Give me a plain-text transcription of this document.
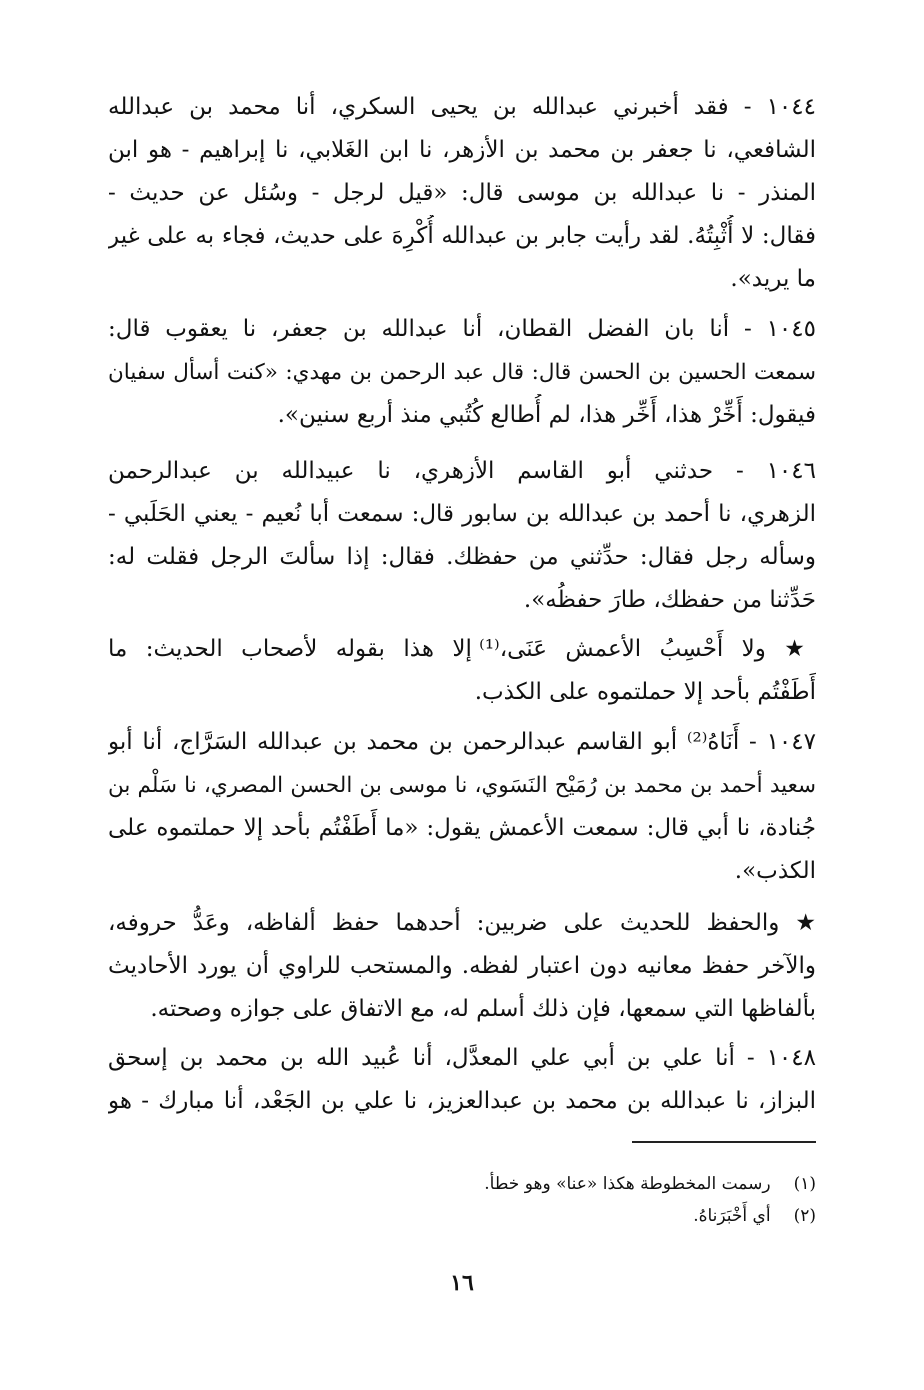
١٠٤٤ - فقد أخبرني عبدالله بن يحيى السكري، أنا محمد بن عبدالله
الشافعي، نا جعفر بن محمد بن الأزهر، نا ابن الغَلابي، نا إبراهيم - هو ابن
المنذر - نا عبدالله بن موسى قال: «قيل لرجل - وسُئل عن حديث -
فقال: لا أُثْبِتُهُ. لقد رأيت جابر بن عبدالله أُكْرِهَ على حديث، فجاء به على غير
ما يريد».
١٠٤٥ - أنا بان الفضل القطان، أنا عبدالله بن جعفر، نا يعقوب قال:
سمعت الحسين بن الحسن قال: قال عبد الرحمن بن مهدي: «كنت أسأل سفيان
فيقول: أَخِّرْ هذا، أَخِّر هذا، لم أُطالع كُتُبي منذ أربع سنين».
١٠٤٦ - حدثني أبو القاسم الأزهري، نا عبيدالله بن عبدالرحمن
الزهري، نا أحمد بن عبدالله بن سابور قال: سمعت أبا نُعيم - يعني الحَلَبي -
وسأله رجل فقال: حدِّثني من حفظك. فقال: إذا سألتَ الرجل فقلت له:
حَدِّثنا من حفظك، طارَ حفظُه».
★ ولا أَحْسِبُ الأعمش عَنَى،⁽¹⁾ إلا هذا بقوله لأصحاب الحديث: ما
أَطَفْتُم بأحد إلا حملتموه على الكذب.
١٠٤٧ - أَنَاهُ⁽²⁾ أبو القاسم عبدالرحمن بن محمد بن عبدالله السَرَّاج، أنا أبو
سعيد أحمد بن محمد بن رُمَيْح النَسَوي، نا موسى بن الحسن المصري، نا سَلْم بن
جُنادة، نا أبي قال: سمعت الأعمش يقول: «ما أَطَفْتُم بأحد إلا حملتموه على
الكذب».
★ والحفظ للحديث على ضربين: أحدهما حفظ ألفاظه، وعَدُّ حروفه،
والآخر حفظ معانيه دون اعتبار لفظه. والمستحب للراوي أن يورد الأحاديث
بألفاظها التي سمعها، فإن ذلك أسلم له، مع الاتفاق على جوازه وصحته.
١٠٤٨ - أنا علي بن أبي علي المعدَّل، أنا عُبيد الله بن محمد بن إسحق
البزاز، نا عبدالله بن محمد بن عبدالعزيز، نا علي بن الجَعْد، أنا مبارك - هو
(١) رسمت المخطوطة هكذا «عنا» وهو خطأ.
(٢) أي أَخْبَرَناهُ.
١٦
